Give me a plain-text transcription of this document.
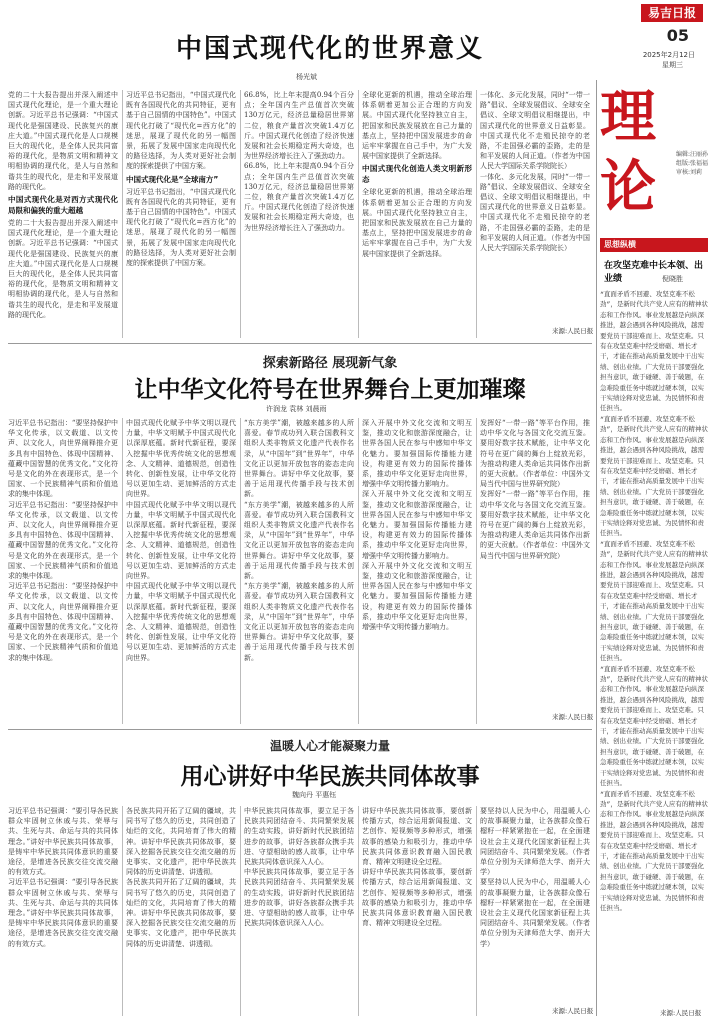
易吉日报
05
2025年2月12日
星期三
理论	编辑:汪丽孙
组版:张福福
审核:刘莉
中国式现代化的世界意义
杨光斌
党的二十大报告提出并深入阐述中国式现代化理论，是一个重大理论创新。习近平总书记强调：“中国式现代化是强国建设、民族复兴的康庄大道。”中国式现代化是人口规模巨大的现代化，是全体人民共同富裕的现代化，是物质文明和精神文明相协调的现代化，是人与自然和谐共生的现代化，是走和平发展道路的现代化。
中国式现代化是对西方式现代化局限和偏狭的重大超越
党的二十大报告提出并深入阐述中国式现代化理论，是一个重大理论创新。习近平总书记强调：“中国式现代化是强国建设、民族复兴的康庄大道。”中国式现代化是人口规模巨大的现代化，是全体人民共同富裕的现代化，是物质文明和精神文明相协调的现代化，是人与自然和谐共生的现代化，是走和平发展道路的现代化。
习近平总书记指出，“中国式现代化既有各国现代化的共同特征，更有基于自己国情的中国特色”。中国式现代化打破了“现代化=西方化”的迷思，展现了现代化的另一幅图景，拓展了发展中国家走向现代化的路径选择，为人类对更好社会制度的探索提供了中国方案。
中国式现代化是“全球南方”
习近平总书记指出，“中国式现代化既有各国现代化的共同特征，更有基于自己国情的中国特色”。中国式现代化打破了“现代化=西方化”的迷思，展现了现代化的另一幅图景，拓展了发展中国家走向现代化的路径选择，为人类对更好社会制度的探索提供了中国方案。
66.8%，比上年末提高0.94个百分点；全年国内生产总值首次突破130万亿元，经济总量稳居世界第二位，粮食产量首次突破1.4万亿斤。中国式现代化创造了经济快速发展和社会长期稳定两大奇迹，也为世界经济增长注入了强劲动力。
66.8%，比上年末提高0.94个百分点；全年国内生产总值首次突破130万亿元，经济总量稳居世界第二位，粮食产量首次突破1.4万亿斤。中国式现代化创造了经济快速发展和社会长期稳定两大奇迹，也为世界经济增长注入了强劲动力。
全球化更新的机遇，推动全球治理体系朝着更加公正合理的方向发展。中国式现代化坚持独立自主，把国家和民族发展放在自己力量的基点上，坚持把中国发展进步的命运牢牢掌握在自己手中，为广大发展中国家提供了全新选择。
中国式现代化创造人类文明新形态
全球化更新的机遇，推动全球治理体系朝着更加公正合理的方向发展。中国式现代化坚持独立自主，把国家和民族发展放在自己力量的基点上，坚持把中国发展进步的命运牢牢掌握在自己手中，为广大发展中国家提供了全新选择。
一体化、多元化发展，同时“一带一路”倡议、全球发展倡议、全球安全倡议、全球文明倡议相继提出，中国式现代化的世界意义日益彰显。中国式现代化不走殖民掠夺的老路，不走国强必霸的歪路，走的是和平发展的人间正道。（作者为中国人民大学国际关系学院院长）
一体化、多元化发展，同时“一带一路”倡议、全球发展倡议、全球安全倡议、全球文明倡议相继提出，中国式现代化的世界意义日益彰显。中国式现代化不走殖民掠夺的老路，不走国强必霸的歪路，走的是和平发展的人间正道。（作者为中国人民大学国际关系学院院长）
来源:人民日报
探索新路径 展现新气象
让中华文化符号在世界舞台上更加璀璨
许润龙 袁林 刘晨雨
习近平总书记指出：“要坚持保护中华文化传承，以文载道、以文传声、以文化人，向世界阐释推介更多具有中国特色、体现中国精神、蕴藏中国智慧的优秀文化。”文化符号是文化的外在表现形式，是一个国家、一个民族精神气质和价值追求的集中体现。
习近平总书记指出：“要坚持保护中华文化传承，以文载道、以文传声、以文化人，向世界阐释推介更多具有中国特色、体现中国精神、蕴藏中国智慧的优秀文化。”文化符号是文化的外在表现形式，是一个国家、一个民族精神气质和价值追求的集中体现。
习近平总书记指出：“要坚持保护中华文化传承，以文载道、以文传声、以文化人，向世界阐释推介更多具有中国特色、体现中国精神、蕴藏中国智慧的优秀文化。”文化符号是文化的外在表现形式，是一个国家、一个民族精神气质和价值追求的集中体现。
中国式现代化赋予中华文明以现代力量，中华文明赋予中国式现代化以深厚底蕴。新时代新征程，要深入挖掘中华优秀传统文化的思想观念、人文精神、道德规范，创造性转化、创新性发展，让中华文化符号以更加生动、更加鲜活的方式走向世界。
中国式现代化赋予中华文明以现代力量，中华文明赋予中国式现代化以深厚底蕴。新时代新征程，要深入挖掘中华优秀传统文化的思想观念、人文精神、道德规范，创造性转化、创新性发展，让中华文化符号以更加生动、更加鲜活的方式走向世界。
中国式现代化赋予中华文明以现代力量，中华文明赋予中国式现代化以深厚底蕴。新时代新征程，要深入挖掘中华优秀传统文化的思想观念、人文精神、道德规范，创造性转化、创新性发展，让中华文化符号以更加生动、更加鲜活的方式走向世界。
“东方美学”潮，被越来越多的人所喜爱。春节成功列入联合国教科文组织人类非物质文化遗产代表作名录，从“中国年”到“世界年”，中华文化正以更加开放包容的姿态走向世界舞台。讲好中华文化故事，要善于运用现代传播手段与技术创新。
“东方美学”潮，被越来越多的人所喜爱。春节成功列入联合国教科文组织人类非物质文化遗产代表作名录，从“中国年”到“世界年”，中华文化正以更加开放包容的姿态走向世界舞台。讲好中华文化故事，要善于运用现代传播手段与技术创新。
“东方美学”潮，被越来越多的人所喜爱。春节成功列入联合国教科文组织人类非物质文化遗产代表作名录，从“中国年”到“世界年”，中华文化正以更加开放包容的姿态走向世界舞台。讲好中华文化故事，要善于运用现代传播手段与技术创新。
深入开展中外文化交流和文明互鉴，推动文化和旅游深度融合，让世界各国人民在参与中感知中华文化魅力。要加强国际传播能力建设，构建更有效力的国际传播体系，推动中华文化更好走向世界，增强中华文明传播力影响力。
深入开展中外文化交流和文明互鉴，推动文化和旅游深度融合，让世界各国人民在参与中感知中华文化魅力。要加强国际传播能力建设，构建更有效力的国际传播体系，推动中华文化更好走向世界，增强中华文明传播力影响力。
深入开展中外文化交流和文明互鉴，推动文化和旅游深度融合，让世界各国人民在参与中感知中华文化魅力。要加强国际传播能力建设，构建更有效力的国际传播体系，推动中华文化更好走向世界，增强中华文明传播力影响力。
发挥好“一带一路”等平台作用，推动中华文化与各国文化交流互鉴。要用好数字技术赋能，让中华文化符号在更广阔的舞台上绽放光彩，为推动构建人类命运共同体作出新的更大贡献。（作者单位：中国外文局当代中国与世界研究院）
发挥好“一带一路”等平台作用，推动中华文化与各国文化交流互鉴。要用好数字技术赋能，让中华文化符号在更广阔的舞台上绽放光彩，为推动构建人类命运共同体作出新的更大贡献。（作者单位：中国外文局当代中国与世界研究院）
来源:人民日报
温暖人心才能凝聚力量
用心讲好中华民族共同体故事
魏向丹 平惠钰
习近平总书记强调：“要引导各民族群众牢固树立休戚与共、荣辱与共、生死与共、命运与共的共同体理念。”讲好中华民族共同体故事，是铸牢中华民族共同体意识的重要途径，是增进各民族交往交流交融的有效方式。
习近平总书记强调：“要引导各民族群众牢固树立休戚与共、荣辱与共、生死与共、命运与共的共同体理念。”讲好中华民族共同体故事，是铸牢中华民族共同体意识的重要途径，是增进各民族交往交流交融的有效方式。
各民族共同开拓了辽阔的疆域，共同书写了悠久的历史，共同创造了灿烂的文化，共同培育了伟大的精神。讲好中华民族共同体故事，要深入挖掘各民族交往交流交融的历史事实、文化遗产，把中华民族共同体的历史讲清楚、讲透彻。
各民族共同开拓了辽阔的疆域，共同书写了悠久的历史，共同创造了灿烂的文化，共同培育了伟大的精神。讲好中华民族共同体故事，要深入挖掘各民族交往交流交融的历史事实、文化遗产，把中华民族共同体的历史讲清楚、讲透彻。
中华民族共同体故事，要立足于各民族共同团结奋斗、共同繁荣发展的生动实践，讲好新时代民族团结进步的故事，讲好各族群众携手共进、守望相助的感人故事，让中华民族共同体意识深入人心。
中华民族共同体故事，要立足于各民族共同团结奋斗、共同繁荣发展的生动实践，讲好新时代民族团结进步的故事，讲好各族群众携手共进、守望相助的感人故事，让中华民族共同体意识深入人心。
讲好中华民族共同体故事，要创新传播方式，综合运用新闻报道、文艺创作、短视频等多种形式，增强故事的感染力和吸引力，推动中华民族共同体意识教育融入国民教育、精神文明建设全过程。
讲好中华民族共同体故事，要创新传播方式，综合运用新闻报道、文艺创作、短视频等多种形式，增强故事的感染力和吸引力，推动中华民族共同体意识教育融入国民教育、精神文明建设全过程。
要坚持以人民为中心，用温暖人心的故事凝聚力量，让各族群众像石榴籽一样紧紧抱在一起，在全面建设社会主义现代化国家新征程上共同团结奋斗、共同繁荣发展。（作者单位分别为天津师范大学、南开大学）
要坚持以人民为中心，用温暖人心的故事凝聚力量，让各族群众像石榴籽一样紧紧抱在一起，在全面建设社会主义现代化国家新征程上共同团结奋斗、共同繁荣发展。（作者单位分别为天津师范大学、南开大学）
来源:人民日报
思想纵横
在攻坚克难中长本领、出业绩	倪晓胜
“直面矛盾不回避、攻坚克难不松劲”，是新时代共产党人应有的精神状态和工作作风。事业发展越是向纵深推进，越会遇到各种风险挑战，越需要党员干部迎难而上、攻坚克难。只有在攻坚克难中经受磨砺、增长才干，才能在推动高质量发展中干出实绩、创出业绩。广大党员干部要强化担当意识，敢于碰硬、善于破题，在急难险重任务中练就过硬本领，以实干实绩诠释对党忠诚、为民情怀和责任担当。
“直面矛盾不回避、攻坚克难不松劲”，是新时代共产党人应有的精神状态和工作作风。事业发展越是向纵深推进，越会遇到各种风险挑战，越需要党员干部迎难而上、攻坚克难。只有在攻坚克难中经受磨砺、增长才干，才能在推动高质量发展中干出实绩、创出业绩。广大党员干部要强化担当意识，敢于碰硬、善于破题，在急难险重任务中练就过硬本领，以实干实绩诠释对党忠诚、为民情怀和责任担当。
“直面矛盾不回避、攻坚克难不松劲”，是新时代共产党人应有的精神状态和工作作风。事业发展越是向纵深推进，越会遇到各种风险挑战，越需要党员干部迎难而上、攻坚克难。只有在攻坚克难中经受磨砺、增长才干，才能在推动高质量发展中干出实绩、创出业绩。广大党员干部要强化担当意识，敢于碰硬、善于破题，在急难险重任务中练就过硬本领，以实干实绩诠释对党忠诚、为民情怀和责任担当。
“直面矛盾不回避、攻坚克难不松劲”，是新时代共产党人应有的精神状态和工作作风。事业发展越是向纵深推进，越会遇到各种风险挑战，越需要党员干部迎难而上、攻坚克难。只有在攻坚克难中经受磨砺、增长才干，才能在推动高质量发展中干出实绩、创出业绩。广大党员干部要强化担当意识，敢于碰硬、善于破题，在急难险重任务中练就过硬本领，以实干实绩诠释对党忠诚、为民情怀和责任担当。
“直面矛盾不回避、攻坚克难不松劲”，是新时代共产党人应有的精神状态和工作作风。事业发展越是向纵深推进，越会遇到各种风险挑战，越需要党员干部迎难而上、攻坚克难。只有在攻坚克难中经受磨砺、增长才干，才能在推动高质量发展中干出实绩、创出业绩。广大党员干部要强化担当意识，敢于碰硬、善于破题，在急难险重任务中练就过硬本领，以实干实绩诠释对党忠诚、为民情怀和责任担当。
来源:人民日报
